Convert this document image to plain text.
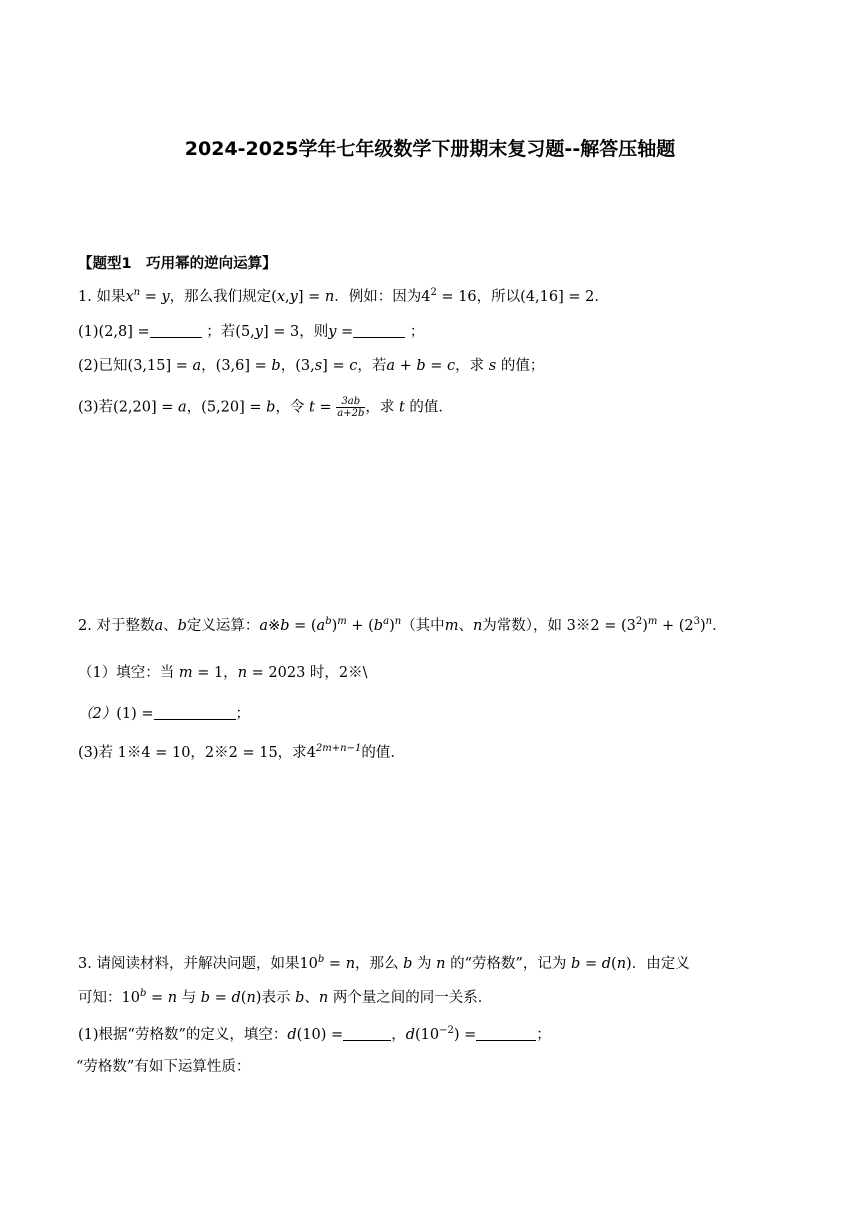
2024-2025学年七年级数学下册期末复习题--解答压轴题
【题型1　巧用幂的逆向运算】
1. 如果$x^n = y$，那么我们规定(x,y] = n．例如：因为$4^2 = 16$，所以(4,16] = 2．
(1)(2,8] =	；若(5,y] = 3，则y =	；
(2)已知(3,15] = a，(3,6] = b，(3,s] = c，若a + b = c，求 s 的值；
(3)若(2,20] = a，(5,20] = b，令 $t = \frac{3ab}{a+2b}$ ，求 t 的值．
2. 对于整数a、b定义运算：a※b = $(a^b)^m + (b^a)^n$（其中m、n为常数），如 3※2 = $(3^2)^m + (2^3)^n$．
（1）填空：当 m = 1，n = 2023 时，2※\
（2）(1) =	；
(3)若 1※4 = 10，2※2 = 15，求$4^{2m+n-1}$的值．
3. 请阅读材料，并解决问题，如果$10^b = n$，那么 b 为 n 的“劳格数”，记为 b = d(n)．由定义
可知：$10^b = n$ 与 b = d(n)表示 b、n 两个量之间的同一关系．
(1)根据“劳格数”的定义，填空：d(10) =	，$d(10^{-2})$ =	；
“劳格数”有如下运算性质：
